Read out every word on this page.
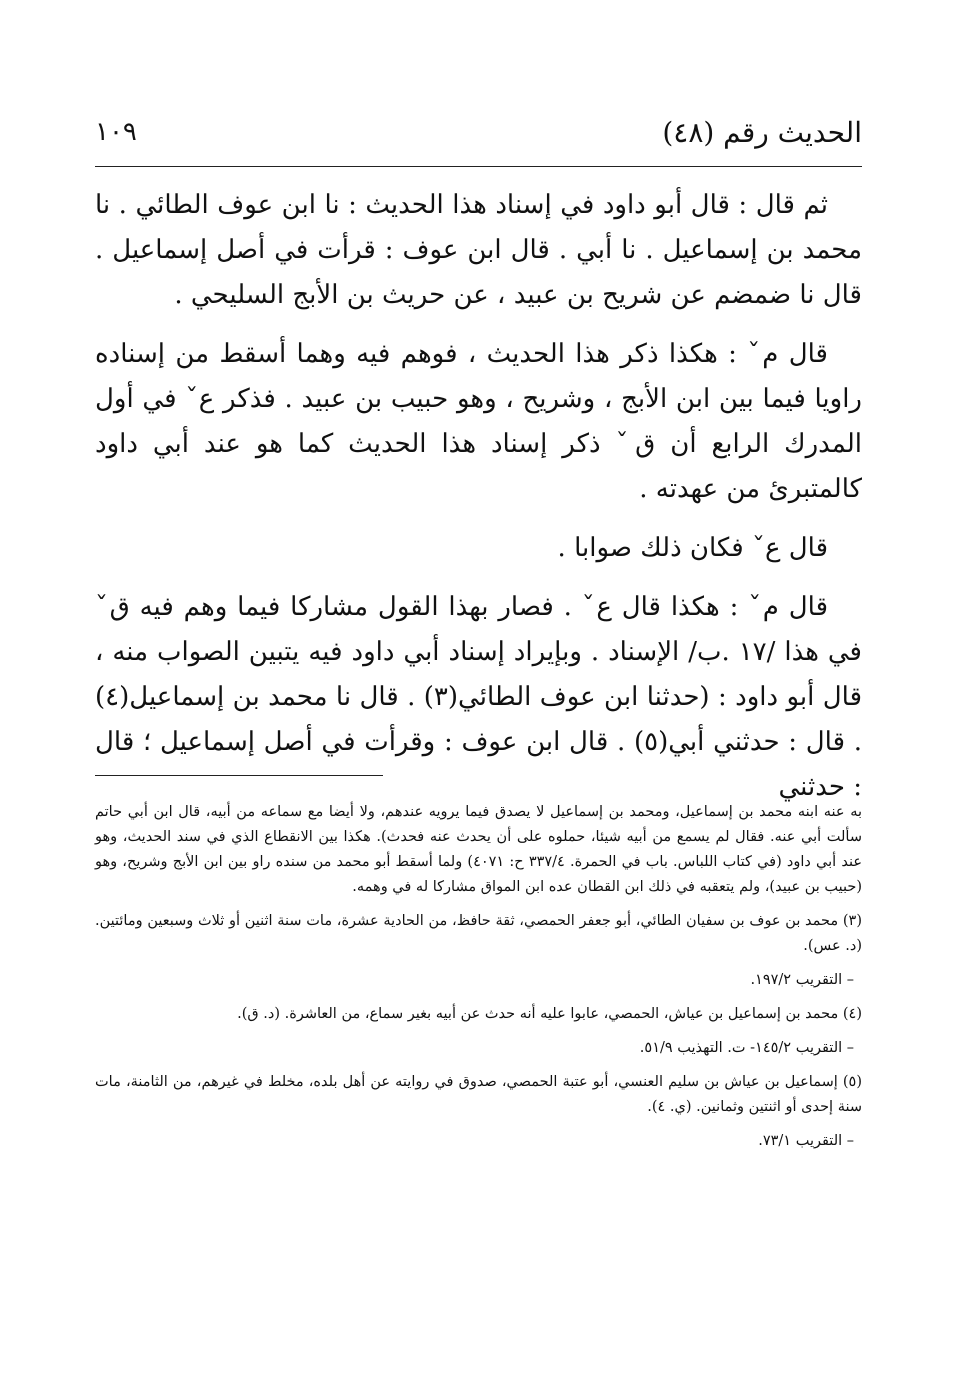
الحديث رقم (٤٨)
١٠٩

ثم قال : قال أبو داود في إسناد هذا الحديث : نا ابن عوف الطائي . نا محمد بن إسماعيل . نا أبي . قال ابن عوف : قرأت في أصل إسماعيل . قال نا ضمضم عن شريح بن عبيد ، عن حريث بن الأبج السليحي .

قال مˇ : هكذا ذكر هذا الحديث ، فوهم فيه وهما أسقط من إسناده راويا فيما بين ابن الأبج ، وشريح ، وهو حبيب بن عبيد . فذكر عˇ في أول المدرك الرابع أن قˇ ذكر إسناد هذا الحديث كما هو عند أبي داود كالمتبرئ من عهدته .

قال عˇ فكان ذلك صوابا .

قال مˇ : هكذا قال عˇ . فصار بهذا القول مشاركا فيما وهم فيه قˇ في هذا /١٧ .ب/ الإسناد . وبإيراد إسناد أبي داود فيه يتبين الصواب منه ، قال أبو داود : (حدثنا ابن عوف الطائي(٣) . قال نا محمد بن إسماعيل(٤) . قال : حدثني أبي(٥) . قال ابن عوف : وقرأت في أصل إسماعيل ؛ قال : حدثني

به عنه ابنه محمد بن إسماعيل، ومحمد بن إسماعيل لا يصدق فيما يرويه عندهم، ولا أيضا مع سماعه من أبيه، قال ابن أبي حاتم سألت أبي عنه. فقال لم يسمع من أبيه شيئا، حملوه على أن يحدث عنه فحدث). هكذا بين الانقطاع الذي في سند الحديث، وهو عند أبي داود (في كتاب اللباس. باب في الحمرة. ٣٣٧/٤ ح: ٤٠٧١) ولما أسقط أبو محمد من سنده راو بين ابن الأبج وشريح، وهو (حبيب بن عبيد)، ولم يتعقبه في ذلك ابن القطان عده ابن المواق مشاركا له في وهمه.

(٣) محمد بن عوف بن سفيان الطائي، أبو جعفر الحمصي، ثقة حافظ، من الحادية عشرة، مات سنة اثنين أو ثلاث وسبعين ومائتين. (د. عس).

– التقريب ١٩٧/٢.

(٤) محمد بن إسماعيل بن عياش، الحمصي، عابوا عليه أنه حدث عن أبيه بغير سماع، من العاشرة. (د. ق).

– التقريب ١٤٥/٢- ت. التهذيب ٥١/٩.

(٥) إسماعيل بن عياش بن سليم العنسي، أبو عتبة الحمصي، صدوق في روايته عن أهل بلده، مخلط في غيرهم، من الثامنة، مات سنة إحدى أو اثنتين وثمانين. (ي. ٤).

– التقريب ٧٣/١.
